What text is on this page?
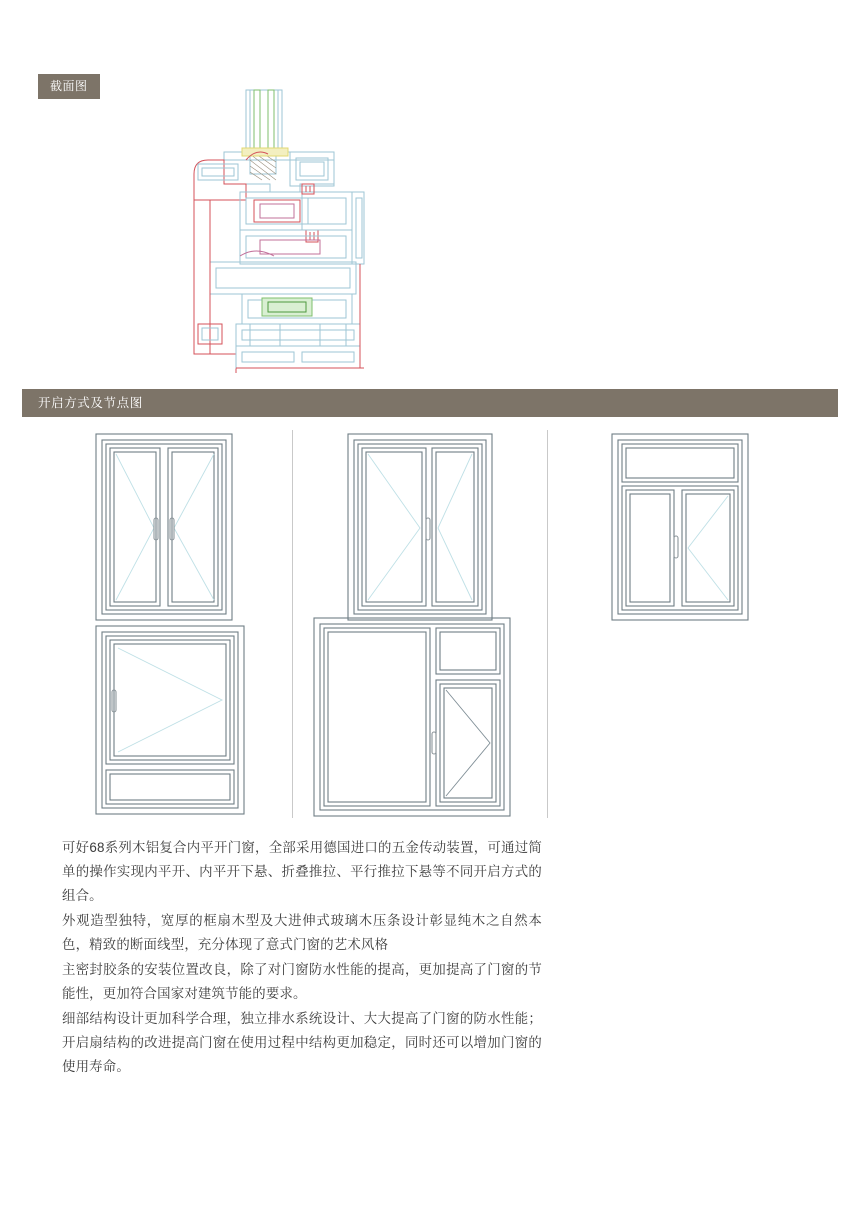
截面图
开启方式及节点图

可好68系列木铝复合内平开门窗，全部采用德国进口的五金传动装置，可通过简单的操作实现内平开、内平开下悬、折叠推拉、平行推拉下悬等不同开启方式的组合。

外观造型独特，宽厚的框扇木型及大进伸式玻璃木压条设计彰显纯木之自然本色，精致的断面线型，充分体现了意式门窗的艺术风格

主密封胶条的安装位置改良，除了对门窗防水性能的提高，更加提高了门窗的节能性，更加符合国家对建筑节能的要求。

细部结构设计更加科学合理，独立排水系统设计、大大提高了门窗的防水性能；开启扇结构的改进提高门窗在使用过程中结构更加稳定，同时还可以增加门窗的使用寿命。
